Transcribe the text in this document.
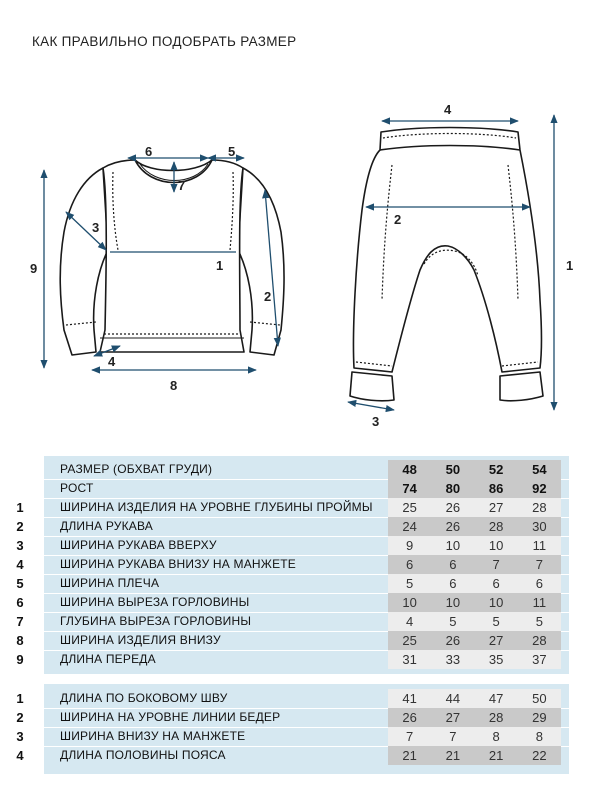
КАК ПРАВИЛЬНО ПОДОБРАТЬ РАЗМЕР
1
2
3
4
5
6
7
8
9	1
2
3
4
РАЗМЕР (ОБХВАТ ГРУДИ)	48	50	52	54
РОСТ	74	80	86	92
1	ШИРИНА ИЗДЕЛИЯ НА УРОВНЕ ГЛУБИНЫ ПРОЙМЫ	25	26	27	28
2	ДЛИНА РУКАВА	24	26	28	30
3	ШИРИНА РУКАВА ВВЕРХУ	9	10	10	11
4	ШИРИНА РУКАВА ВНИЗУ НА МАНЖЕТЕ	6	6	7	7
5	ШИРИНА ПЛЕЧА	5	6	6	6
6	ШИРИНА ВЫРЕЗА ГОРЛОВИНЫ	10	10	10	11
7	ГЛУБИНА ВЫРЕЗА ГОРЛОВИНЫ	4	5	5	5
8	ШИРИНА ИЗДЕЛИЯ ВНИЗУ	25	26	27	28
9	ДЛИНА ПЕРЕДА	31	33	35	37
1	ДЛИНА ПО БОКОВОМУ ШВУ	41	44	47	50
2	ШИРИНА НА УРОВНЕ ЛИНИИ БЕДЕР	26	27	28	29
3	ШИРИНА ВНИЗУ НА МАНЖЕТЕ	7	7	8	8
4	ДЛИНА ПОЛОВИНЫ ПОЯСА	21	21	21	22
